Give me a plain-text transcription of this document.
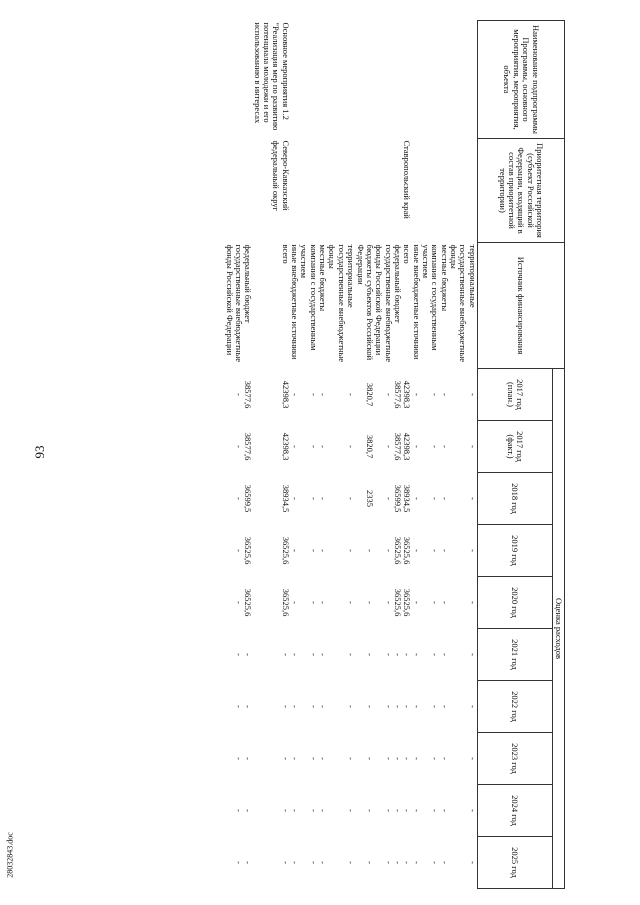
93
28032843.doc
Наименование подпрограммы Программы, основного мероприятия, мероприятия, объекта	Приоритетная территория (субъект Российской Федерации, входящий в состав приоритетной территории)	Источник финансирования	Оценка расходов									
			2017 год (план.)	2017 год (факт.)	2018 год	2019 год	2020 год	2021 год	2022 год	2023 год	2024 год	2025 год
		территориальные государственные внебюджетные фонды	-	-	-	-	-	-	-	-	-	-
		местные бюджеты	-	-	-	-	-	-	-	-	-	-
		компании с государственным участием	-	-	-	-	-	-	-	-	-	-
		иные внебюджетные источники	-	-	-	-	-	-	-	-	-	-
	Ставропольский край	всего	42398,3	42398,3	38934,5	36525,6	36525,6	-	-	-	-	-
		федеральный бюджет	38577,6	38577,6	36599,5	36525,6	36525,6	-	-	-	-	-
		государственные внебюджетные фонды Российской Федерации	-	-	-	-	-	-	-	-	-	-
		бюджеты субъектов Российской Федерации	3820,7	3820,7	2335	-	-	-	-	-	-	-
		территориальные государственные внебюджетные фонды	-	-	-	-	-	-	-	-	-	-
		местные бюджеты	-	-	-	-	-	-	-	-	-	-
		компании с государственным участием	-	-	-	-	-	-	-	-	-	-
		иные внебюджетные источники	-	-	-	-	-	-	-	-	-	-
Основное мероприятия 1.2 "Реализация мер по развитию потенциала молодежи и его использованию в интересах	Северо-Кавказский федеральный округ	всего	42398,3	42398,3	38934,5	36525,6	36525,6	-	-	-	-	-
		федеральный бюджет	38577,6	38577,6	36599,5	36525,6	36525,6	-	-	-	-	-
		государственные внебюджетные фонды Российской Федерации	-	-	-	-	-	-	-	-	-	-
